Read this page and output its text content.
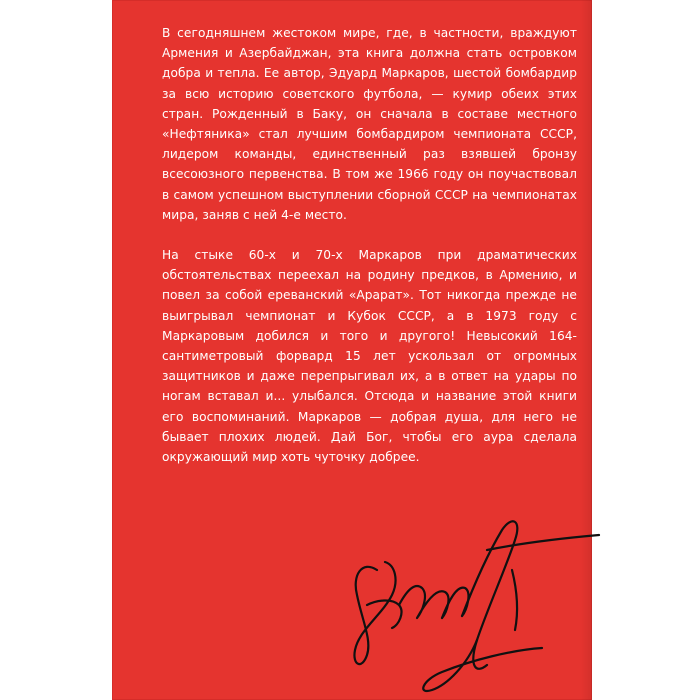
В сегодняшнем жестоком мире, где, в частности, враждуют Армения и Азербайджан, эта книга должна стать островком добра и тепла. Ее автор, Эдуард Маркаров, шестой бомбардир за всю историю советского футбола, — кумир обеих этих стран. Рожденный в Баку, он сначала в составе местного «Нефтяника» стал лучшим бомбардиром чемпионата СССР, лидером команды, единственный раз взявшей бронзу всесоюзного первенства. В том же 1966 году он поучаствовал в самом успешном выступлении сборной СССР на чемпионатах мира, заняв с ней 4-е место.

На стыке 60-х и 70-х Маркаров при драматических обстоятельствах переехал на родину предков, в Армению, и повел за собой ереванский «Арарат». Тот никогда прежде не выигрывал чемпионат и Кубок СССР, а в 1973 году с Маркаровым добился и того и другого! Невысокий 164-сантиметровый форвард 15 лет ускользал от огромных защитников и даже перепрыгивал их, а в ответ на удары по ногам вставал и... улыбался. Отсюда и название этой книги его воспоминаний. Маркаров — добрая душа, для него не бывает плохих людей. Дай Бог, чтобы его аура сделала окружающий мир хоть чуточку добрее.
